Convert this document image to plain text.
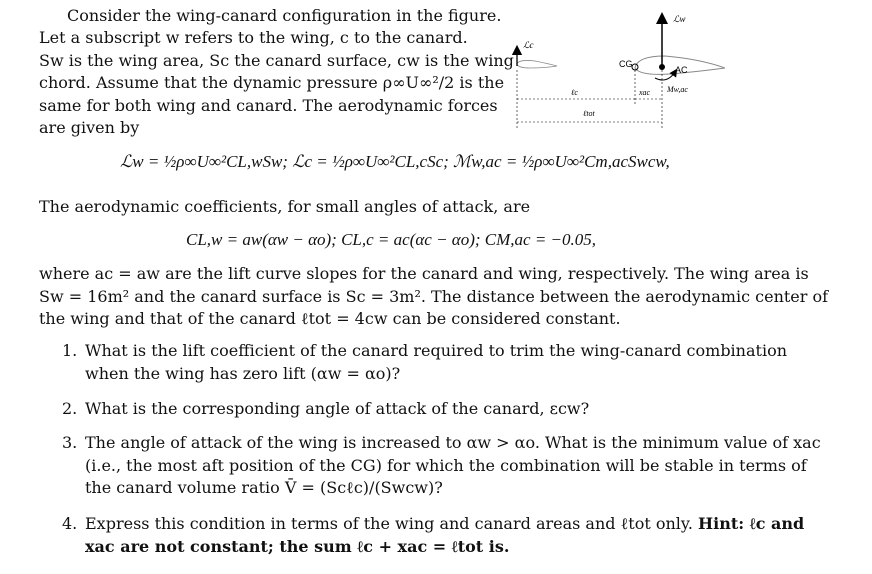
Consider the wing-canard configuration in the figure.
Let a subscript w refers to the wing, c to the canard.
Sw is the wing area, Sc the canard surface, cw is the wing
chord. Assume that the dynamic pressure ρ∞U∞²/2 is the
same for both wing and canard. The aerodynamic forces
are given by
ℒc
ℒw
CG
AC
Mw,ac
ℓc	xac
ℓtot
ℒw = ½ρ∞U∞²CL,wSw; ℒc = ½ρ∞U∞²CL,cSc; ℳw,ac = ½ρ∞U∞²Cm,acSwcw,
The aerodynamic coefficients, for small angles of attack, are
CL,w = aw(αw − αo); CL,c = ac(αc − αo); CM,ac = −0.05,
where ac = aw are the lift curve slopes for the canard and wing, respectively. The wing area is
Sw = 16m² and the canard surface is Sc = 3m². The distance between the aerodynamic center of
the wing and that of the canard ℓtot = 4cw can be considered constant.
1. What is the lift coefficient of the canard required to trim the wing-canard combination when the wing has zero lift (αw = αo)?
2. What is the corresponding angle of attack of the canard, εcw?
3. The angle of attack of the wing is increased to αw > αo. What is the minimum value of xac (i.e., the most aft position of the CG) for which the combination will be stable in terms of the canard volume ratio V̄ = (Scℓc)/(Swcw)?
4. Express this condition in terms of the wing and canard areas and ℓtot only. Hint: ℓc and xac are not constant; the sum ℓc + xac = ℓtot is.
